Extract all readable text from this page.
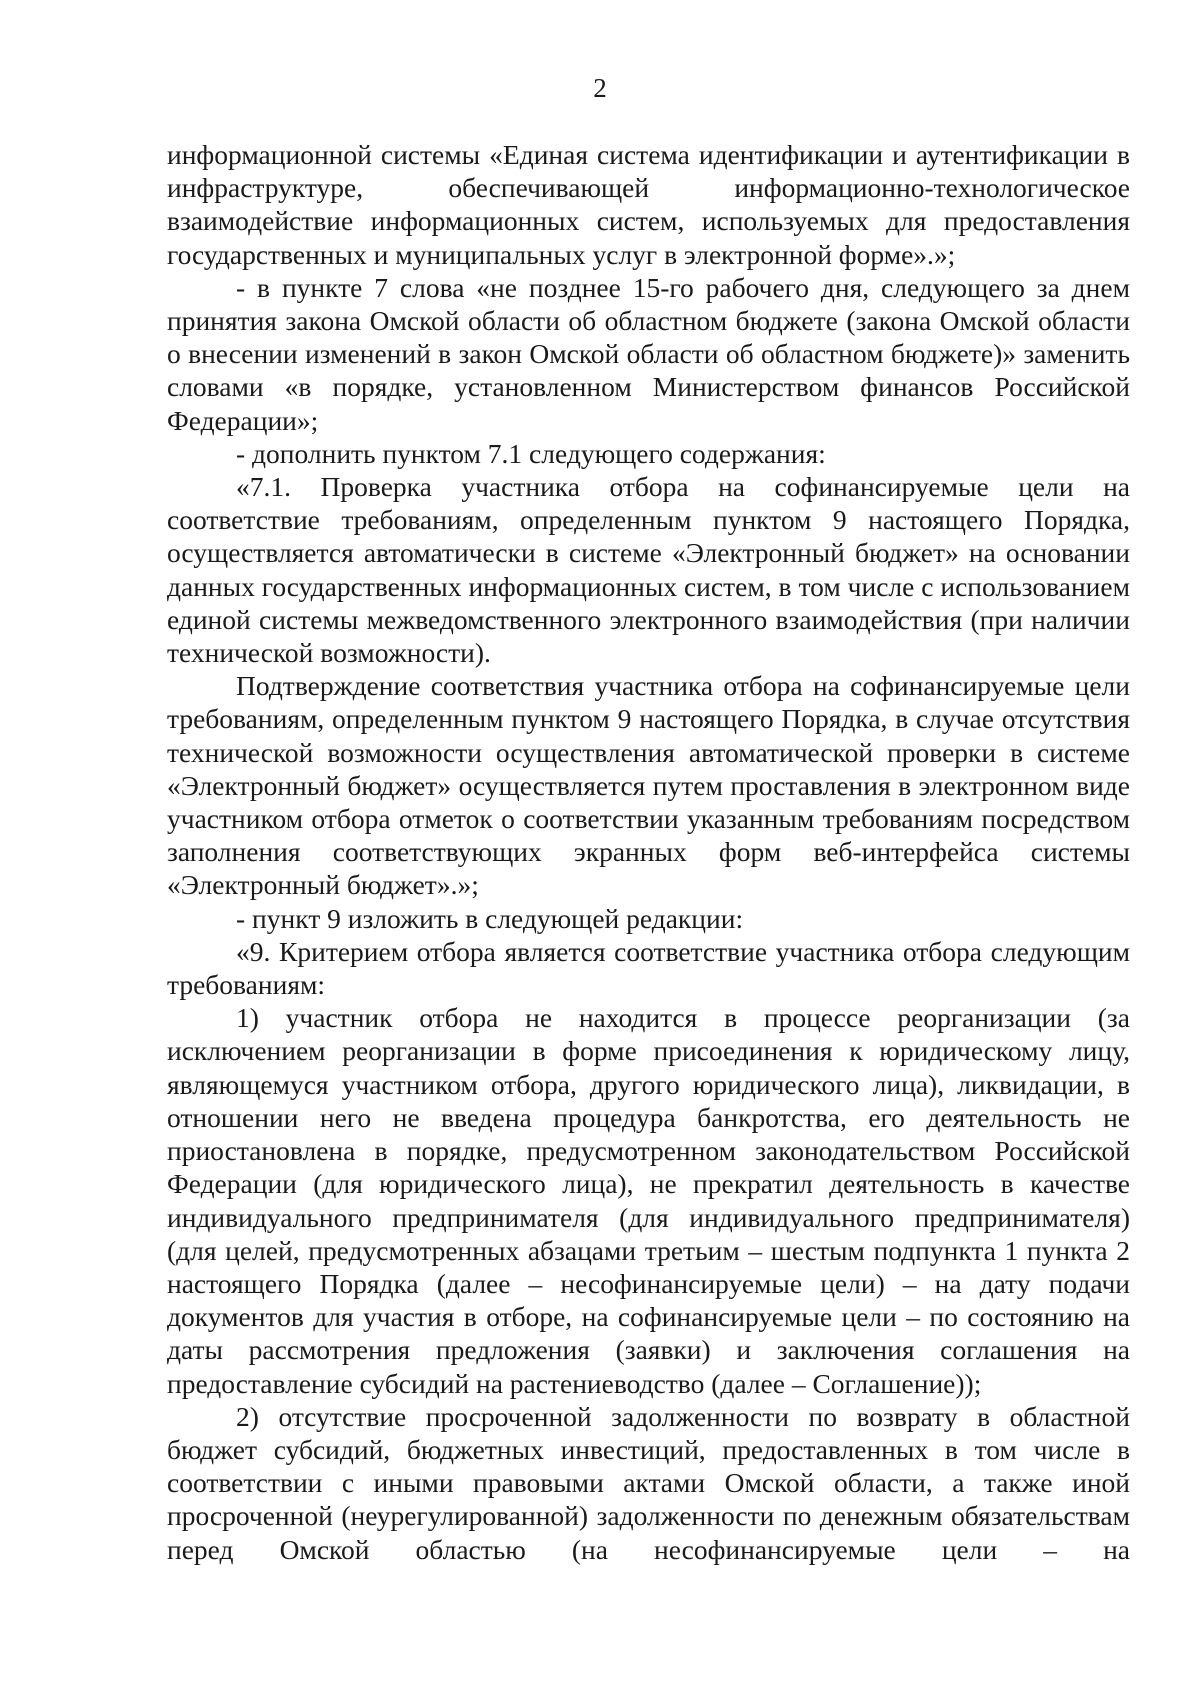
2

информационной системы «Единая система идентификации и аутентификации в инфраструктуре, обеспечивающей информационно-технологическое взаимодействие информационных систем, используемых для предоставления государственных и муниципальных услуг в электронной форме».»;

- в пункте 7 слова «не позднее 15-го рабочего дня, следующего за днем принятия закона Омской области об областном бюджете (закона Омской области о внесении изменений в закон Омской области об областном бюджете)» заменить словами «в порядке, установленном Министерством финансов Российской Федерации»;

- дополнить пунктом 7.1 следующего содержания:

«7.1. Проверка участника отбора на софинансируемые цели на соответствие требованиям, определенным пунктом 9 настоящего Порядка, осуществляется автоматически в системе «Электронный бюджет» на основании данных государственных информационных систем, в том числе с использованием единой системы межведомственного электронного взаимодействия (при наличии технической возможности).

Подтверждение соответствия участника отбора на софинансируемые цели требованиям, определенным пунктом 9 настоящего Порядка, в случае отсутствия технической возможности осуществления автоматической проверки в системе «Электронный бюджет» осуществляется путем проставления в электронном виде участником отбора отметок о соответствии указанным требованиям посредством заполнения соответствующих экранных форм веб-интерфейса системы «Электронный бюджет».»;

- пункт 9 изложить в следующей редакции:

«9. Критерием отбора является соответствие участника отбора следующим требованиям:

1) участник отбора не находится в процессе реорганизации (за исключением реорганизации в форме присоединения к юридическому лицу, являющемуся участником отбора, другого юридического лица), ликвидации, в отношении него не введена процедура банкротства, его деятельность не приостановлена в порядке, предусмотренном законодательством Российской Федерации (для юридического лица), не прекратил деятельность в качестве индивидуального предпринимателя (для индивидуального предпринимателя) (для целей, предусмотренных абзацами третьим – шестым подпункта 1 пункта 2 настоящего Порядка (далее – несофинансируемые цели) – на дату подачи документов для участия в отборе, на софинансируемые цели – по состоянию на даты рассмотрения предложения (заявки) и заключения соглашения на предоставление субсидий на растениеводство (далее – Соглашение));

2) отсутствие просроченной задолженности по возврату в областной бюджет субсидий, бюджетных инвестиций, предоставленных в том числе в соответствии с иными правовыми актами Омской области, а также иной просроченной (неурегулированной) задолженности по денежным обязательствам перед Омской областью (на несофинансируемые цели – на
